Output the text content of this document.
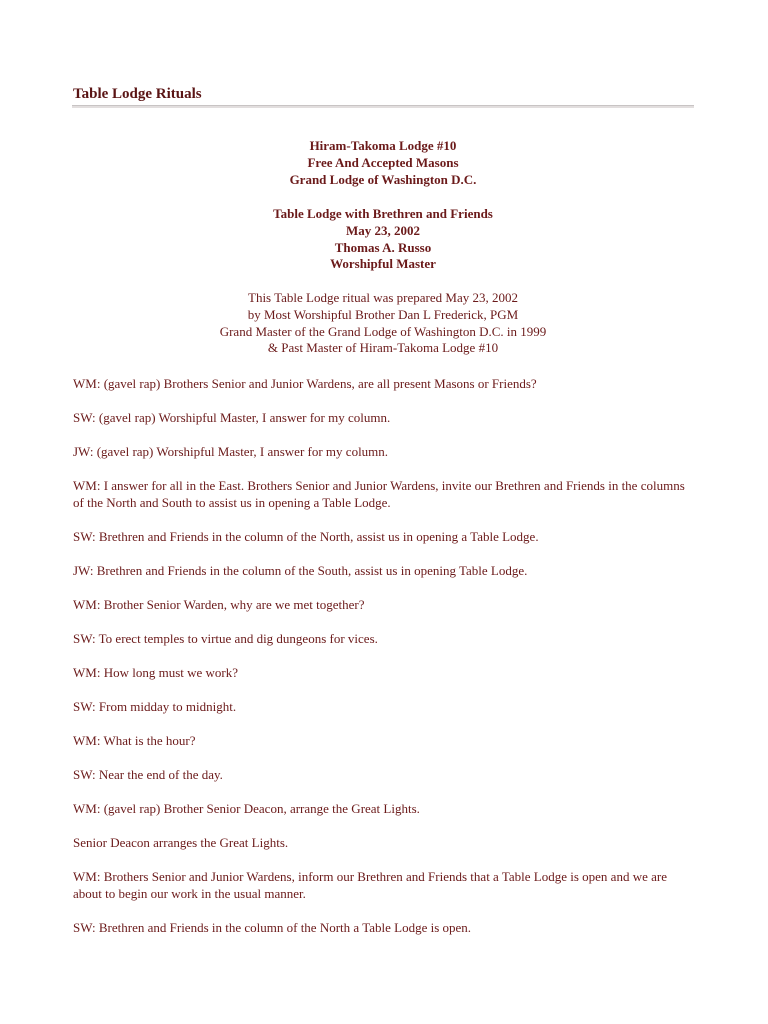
Table Lodge Rituals
Hiram-Takoma Lodge #10
Free And Accepted Masons
Grand Lodge of Washington D.C.
Table Lodge with Brethren and Friends
May 23, 2002
Thomas A. Russo
Worshipful Master
This Table Lodge ritual was prepared May 23, 2002
by Most Worshipful Brother Dan L Frederick, PGM
Grand Master of the Grand Lodge of Washington D.C. in 1999
& Past Master of Hiram-Takoma Lodge #10

WM: (gavel rap) Brothers Senior and Junior Wardens, are all present Masons or Friends?

SW: (gavel rap) Worshipful Master, I answer for my column.

JW: (gavel rap) Worshipful Master, I answer for my column.

WM: I answer for all in the East. Brothers Senior and Junior Wardens, invite our Brethren and Friends in the columns of the North and South to assist us in opening a Table Lodge.

SW: Brethren and Friends in the column of the North, assist us in opening a Table Lodge.

JW: Brethren and Friends in the column of the South, assist us in opening Table Lodge.

WM: Brother Senior Warden, why are we met together?

SW: To erect temples to virtue and dig dungeons for vices.

WM: How long must we work?

SW: From midday to midnight.

WM: What is the hour?

SW: Near the end of the day.

WM: (gavel rap) Brother Senior Deacon, arrange the Great Lights.

Senior Deacon arranges the Great Lights.

WM: Brothers Senior and Junior Wardens, inform our Brethren and Friends that a Table Lodge is open and we are about to begin our work in the usual manner.

SW: Brethren and Friends in the column of the North a Table Lodge is open.
